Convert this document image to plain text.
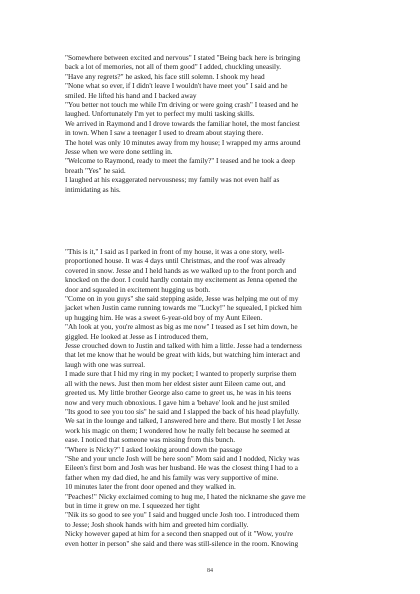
"Somewhere between excited and nervous" I stated "Being back here is bringing
back a lot of memories, not all of them good" I added, chuckling uneasily.

"Have any regrets?" he asked, his face still solemn. I shook my head

"None what so ever, if I didn't leave I wouldn't have meet you" I said and he
smiled. He lifted his hand and I backed away

"You better not touch me while I'm driving or were going crash" I teased and he
laughed. Unfortunately I'm yet to perfect my multi tasking skills.

We arrived in Raymond and I drove towards the familiar hotel, the most fanciest
in town. When I saw a teenager I used to dream about staying there.

The hotel was only 10 minutes away from my house; I wrapped my arms around
Jesse when we were done settling in.

"Welcome to Raymond, ready to meet the family?" I teased and he took a deep
breath "Yes" he said.

I laughed at his exaggerated nervousness; my family was not even half as
intimidating as his.

"This is it," I said as I parked in front of my house, it was a one story, well-
proportioned house. It was 4 days until Christmas, and the roof was already
covered in snow. Jesse and I held hands as we walked up to the front porch and
knocked on the door. I could hardly contain my excitement as Jenna opened the
door and squealed in excitement hugging us both.

"Come on in you guys" she said stepping aside, Jesse was helping me out of my
jacket when Justin came running towards me "Lucky!" he squealed, I picked him
up hugging him. He was a sweet 6-year-old boy of my Aunt Eileen.

"Ah look at you, you're almost as big as me now" I teased as I set him down, he
giggled. He looked at Jesse as I introduced them,

Jesse crouched down to Justin and talked with him a little. Jesse had a tenderness
that let me know that he would be great with kids, but watching him interact and
laugh with one was surreal.

I made sure that I hid my ring in my pocket; I wanted to properly surprise them
all with the news. Just then mom her eldest sister aunt Eileen came out, and
greeted us. My little brother George also came to greet us, he was in his teens
now and very much obnoxious. I gave him a 'behave' look and he just smiled

"Its good to see you too sis" he said and I slapped the back of his head playfully.

We sat in the lounge and talked, I answered here and there. But mostly I let Jesse
work his magic on them; I wondered how he really felt because he seemed at
ease. I noticed that someone was missing from this bunch.

"Where is Nicky?" I asked looking around down the passage

"She and your uncle Josh will be here soon" Mom said and I nodded, Nicky was
Eileen's first born and Josh was her husband. He was the closest thing I had to a
father when my dad died, he and his family was very supportive of mine.

10 minutes later the front door opened and they walked in.

"Peaches!" Nicky exclaimed coming to hug me, I hated the nickname she gave me
but in time it grew on me. I squeezed her tight

"Nik its so good to see you" I said and hugged uncle Josh too. I introduced them
to Jesse; Josh shook hands with him and greeted him cordially.

Nicky however gaped at him for a second then snapped out of it "Wow, you're
even hotter in person" she said and there was still-silence in the room. Knowing

84
